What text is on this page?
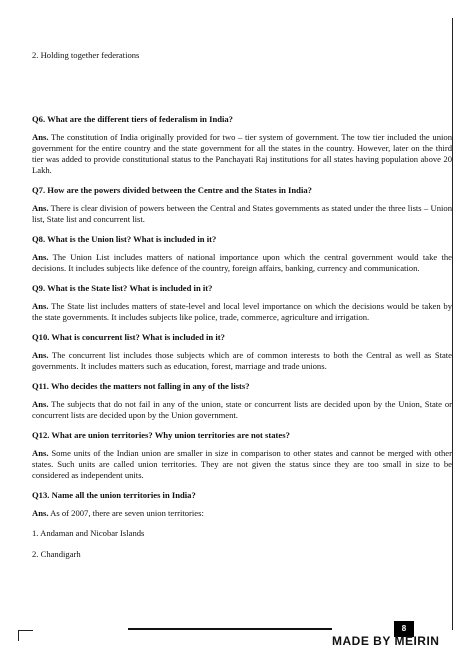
2. Holding together federations

Q6. What are the different tiers of federalism in India?

Ans. The constitution of India originally provided for two – tier system of government. The tow tier included the union government for the entire country and the state government for all the states in the country. However, later on the third tier was added to provide constitutional status to the Panchayati Raj institutions for all states having population above 20 Lakh.

Q7. How are the powers divided between the Centre and the States in India?

Ans. There is clear division of powers between the Central and States governments as stated under the three lists – Union list, State list and concurrent list.

Q8. What is the Union list? What is included in it?

Ans. The Union List includes matters of national importance upon which the central government would take the decisions. It includes subjects like defence of the country, foreign affairs, banking, currency and communication.

Q9. What is the State list? What is included in it?

Ans. The State list includes matters of state-level and local level importance on which the decisions would be taken by the state governments. It includes subjects like police, trade, commerce, agriculture and irrigation.

Q10. What is concurrent list? What is included in it?

Ans. The concurrent list includes those subjects which are of common interests to both the Central as well as State governments. It includes matters such as education, forest, marriage and trade unions.

Q11. Who decides the matters not falling in any of the lists?

Ans. The subjects that do not fail in any of the union, state or concurrent lists are decided upon by the Union, State or concurrent lists are decided upon by the Union government.

Q12. What are union territories? Why union territories are not states?

Ans. Some units of the Indian union are smaller in size in comparison to other states and cannot be merged with other states. Such units are called union territories. They are not given the status since they are too small in size to be considered as independent units.

Q13. Name all the union territories in India?

Ans. As of 2007, there are seven union territories:

1. Andaman and Nicobar Islands

2. Chandigarh

8
MADE BY MEIRIN
